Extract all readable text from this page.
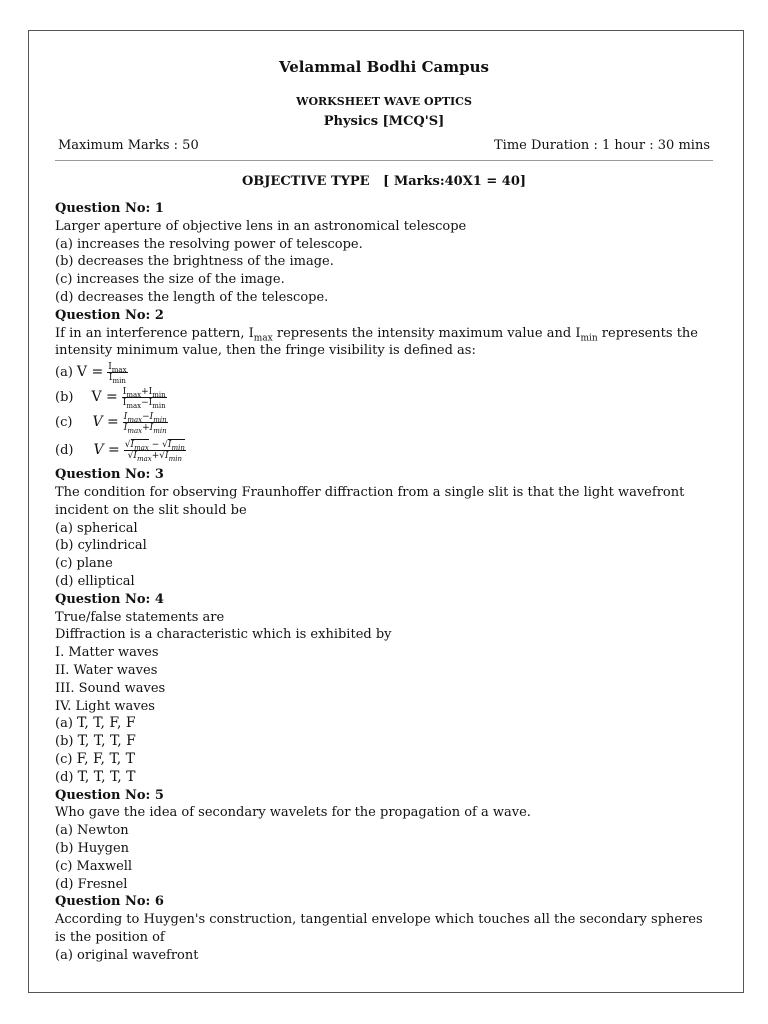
Velammal Bodhi Campus
WORKSHEET WAVE OPTICS
Physics [MCQ'S]
Maximum Marks : 50	Time Duration : 1 hour : 30 mins
OBJECTIVE TYPE   [ Marks:40X1 = 40]
Question No: 1
Larger aperture of objective lens in an astronomical telescope
(a) increases the resolving power of telescope.
(b) decreases the brightness of the image.
(c) increases the size of the image.
(d) decreases the length of the telescope.
Question No: 2
If in an interference pattern, $I_{max}$ represents the intensity maximum value and $I_{min}$ represents the intensity minimum value, then the fringe visibility is defined as:
(a) $V = \frac{I_{max}}{I_{min}}$
(b) $V = \frac{I_{max}+I_{min}}{I_{max}-I_{min}}$
(c) $V = \frac{I_{max}-I_{min}}{I_{max}+I_{min}}$
(d) $V = \frac{√I_{max} - √I_{min}}{√I_{max}+√I_{min}}$
Question No: 3
The condition for observing Fraunhoffer diffraction from a single slit is that the light wavefront incident on the slit should be
(a) spherical
(b) cylindrical
(c) plane
(d) elliptical
Question No: 4
True/false statements are
Diffraction is a characteristic which is exhibited by
I. Matter waves
II. Water waves
III. Sound waves
IV. Light waves
(a) T, T, F, F
(b) T, T, T, F
(c) F, F, T, T
(d) T, T, T, T
Question No: 5
Who gave the idea of secondary wavelets for the propagation of a wave.
(a) Newton
(b) Huygen
(c) Maxwell
(d) Fresnel
Question No: 6
According to Huygen's construction, tangential envelope which touches all the secondary spheres is the position of
(a) original wavefront
